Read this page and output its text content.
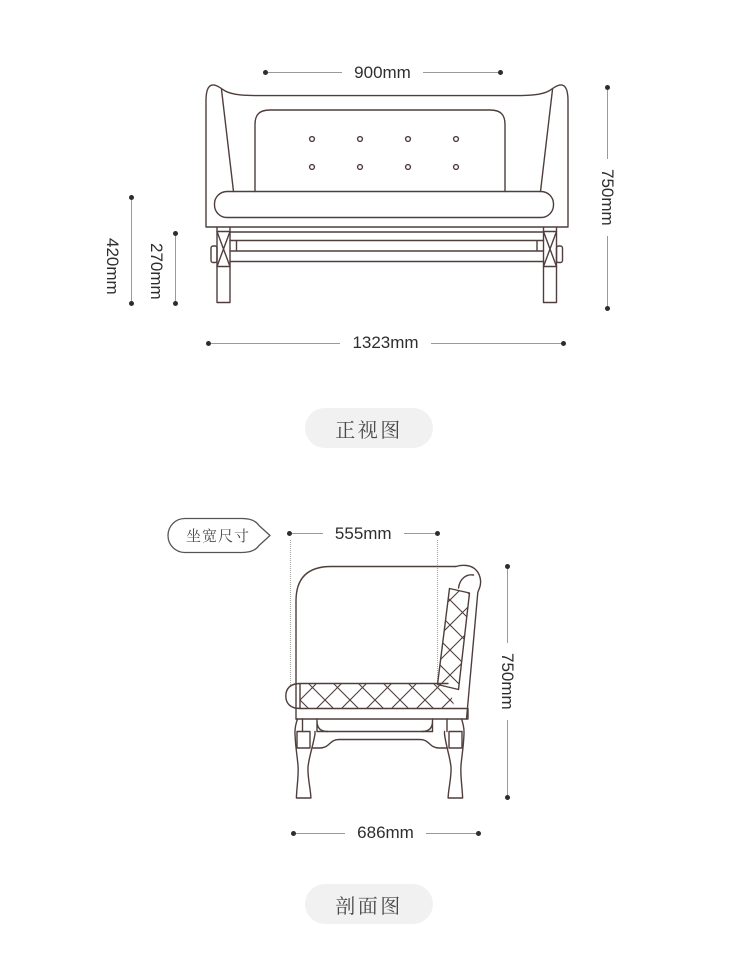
900mm
750mm
420mm 270mm
1323mm
正视图
坐宽尺寸	555mm
750mm
686mm
剖面图
